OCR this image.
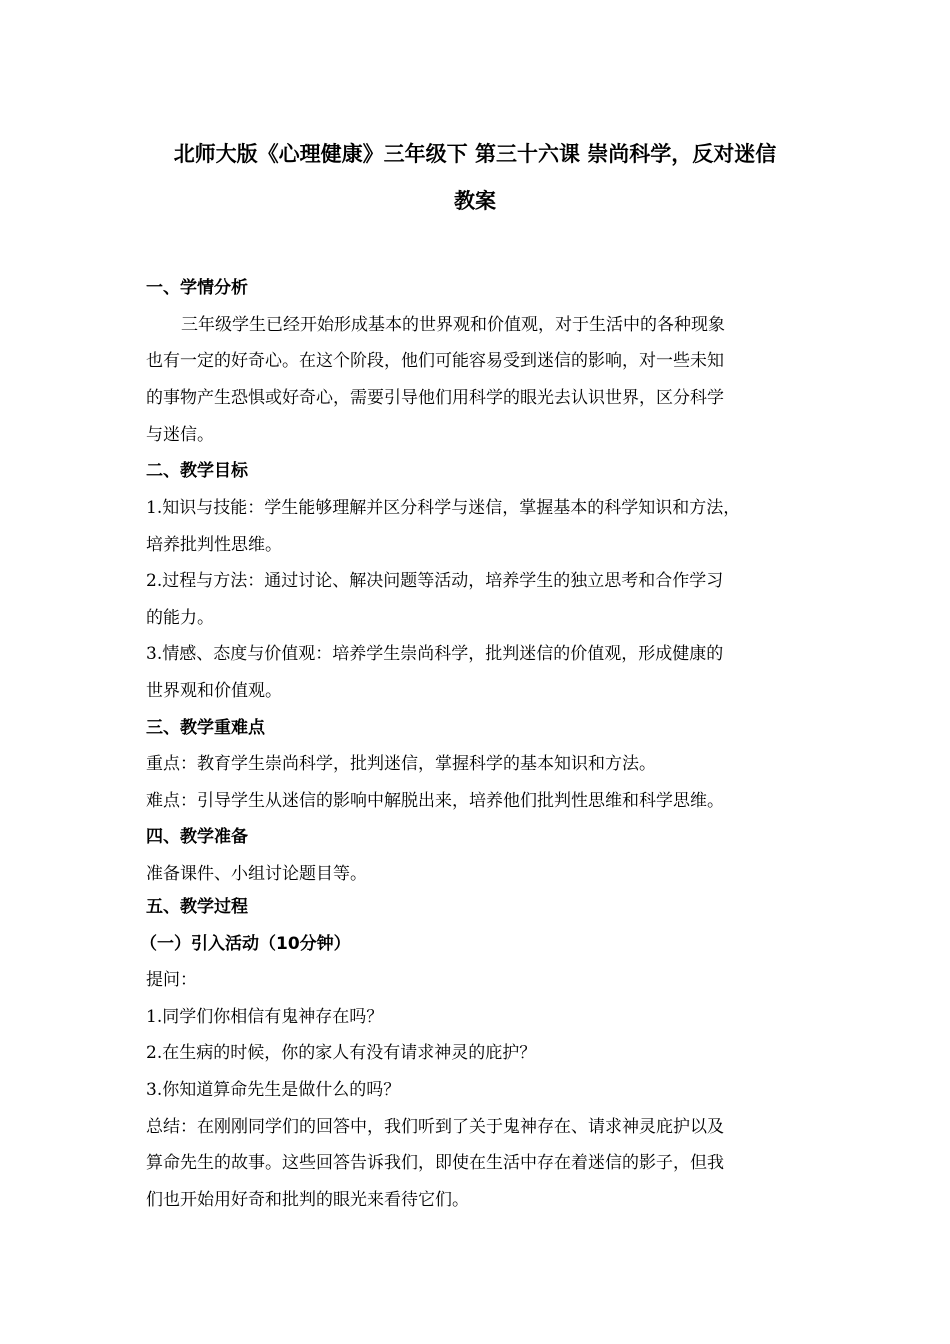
北师大版《心理健康》三年级下 第三十六课 崇尚科学，反对迷信
教案
一、学情分析
三年级学生已经开始形成基本的世界观和价值观，对于生活中的各种现象
也有一定的好奇心。在这个阶段，他们可能容易受到迷信的影响，对一些未知
的事物产生恐惧或好奇心，需要引导他们用科学的眼光去认识世界，区分科学
与迷信。
二、教学目标
1.知识与技能：学生能够理解并区分科学与迷信，掌握基本的科学知识和方法，
培养批判性思维。
2.过程与方法：通过讨论、解决问题等活动，培养学生的独立思考和合作学习
的能力。
3.情感、态度与价值观：培养学生崇尚科学，批判迷信的价值观，形成健康的
世界观和价值观。
三、教学重难点
重点：教育学生崇尚科学，批判迷信，掌握科学的基本知识和方法。
难点：引导学生从迷信的影响中解脱出来，培养他们批判性思维和科学思维。
四、教学准备
准备课件、小组讨论题目等。
五、教学过程
（一）引入活动（10分钟）
提问：
1.同学们你相信有鬼神存在吗？
2.在生病的时候，你的家人有没有请求神灵的庇护？
3.你知道算命先生是做什么的吗？
总结：在刚刚同学们的回答中，我们听到了关于鬼神存在、请求神灵庇护以及
算命先生的故事。这些回答告诉我们，即使在生活中存在着迷信的影子，但我
们也开始用好奇和批判的眼光来看待它们。
